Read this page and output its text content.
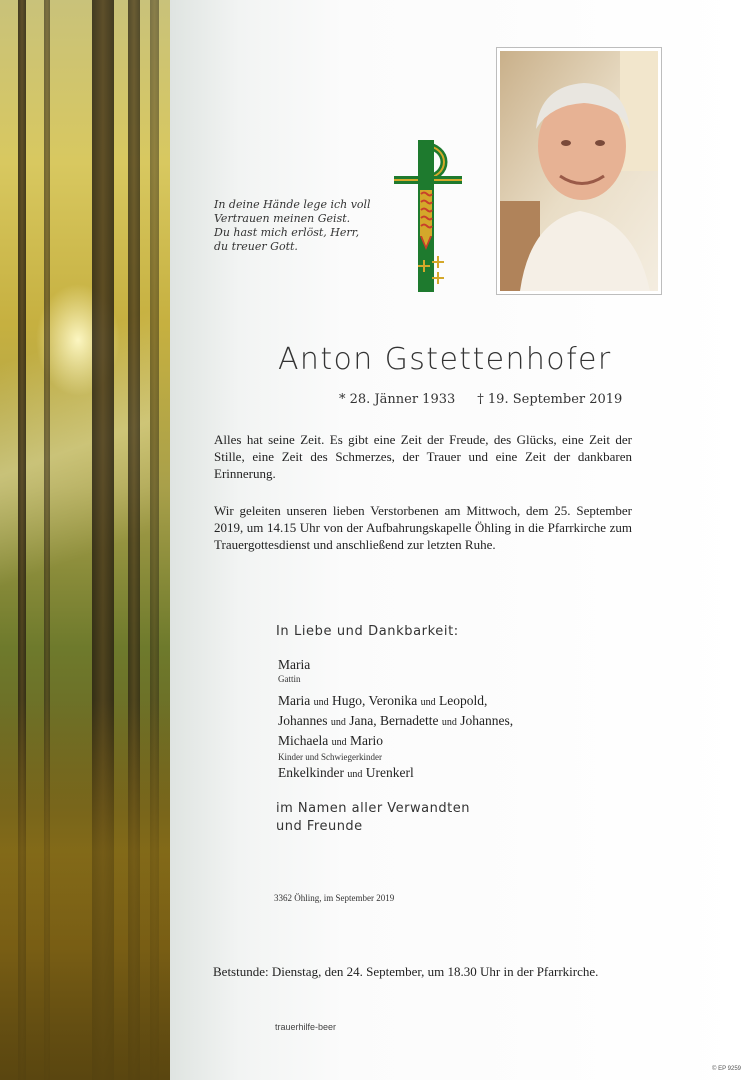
In deine Hände lege ich voll
Vertrauen meinen Geist.
Du hast mich erlöst, Herr,
du treuer Gott.
Anton Gstettenhofer
* 28. Jänner 1933 † 19. September 2019
Alles hat seine Zeit. Es gibt eine Zeit der Freude, des Glücks, eine Zeit der Stille, eine Zeit des Schmerzes, der Trauer und eine Zeit der dankbaren Erinnerung.
Wir geleiten unseren lieben Verstorbenen am Mittwoch, dem 25. September 2019, um 14.15 Uhr von der Aufbahrungskapelle Öhling in die Pfarrkirche zum Trauergottesdienst und anschließend zur letzten Ruhe.
In Liebe und Dankbarkeit:
Maria
Gattin
Maria und Hugo, Veronika und Leopold,
Johannes und Jana, Bernadette und Johannes,
Michaela und Mario
Kinder und Schwiegerkinder
Enkelkinder und Urenkerl
im Namen aller Verwandten
und Freunde
3362 Öhling, im September 2019
Betstunde: Dienstag, den 24. September, um 18.30 Uhr in der Pfarrkirche.
trauerhilfe-beer
© EP 9259
